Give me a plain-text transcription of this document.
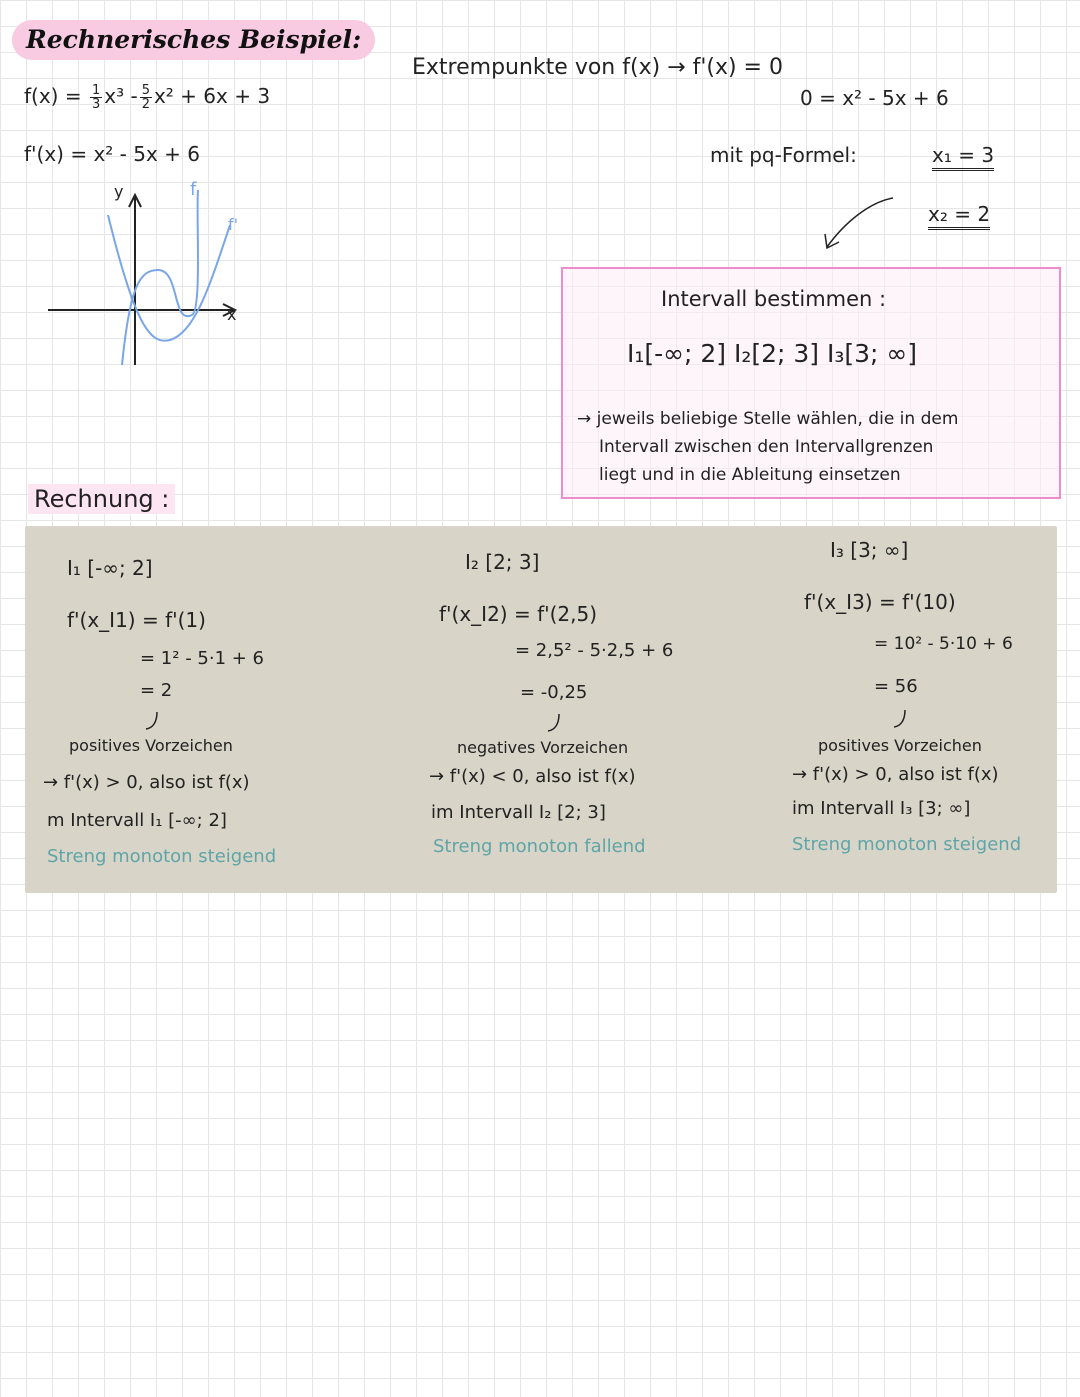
Rechnerisches Beispiel:
$f(x) = \frac{1}{3} x^3 - \frac{5}{2} x^2 + 6x + 3$
f'(x) = x² - 5x + 6
y
x
f
f'
Extrempunkte von f(x) → f'(x) = 0
0 = x² - 5x + 6
mit pq-Formel:	x₁ = 3
x₂ = 2
Intervall bestimmen :
I₁[-∞; 2] I₂[2; 3] I₃[3; ∞]
→ jeweils beliebige Stelle wählen, die in dem
Intervall zwischen den Intervallgrenzen
liegt und in die Ableitung einsetzen
Rechnung :
I₁ [-∞; 2]
f'(x_I1) = f'(1)
= 1² - 5·1 + 6
= 2
positives Vorzeichen
→ f'(x) > 0, also ist f(x)
m Intervall I₁ [-∞; 2]
Streng monoton steigend
I₂ [2; 3]
f'(x_I2) = f'(2,5)
= 2,5² - 5·2,5 + 6
= -0,25
negatives Vorzeichen
→ f'(x) < 0, also ist f(x)
im Intervall I₂ [2; 3]
Streng monoton fallend
I₃ [3; ∞]
f'(x_I3) = f'(10)
= 10² - 5·10 + 6
= 56
positives Vorzeichen
→ f'(x) > 0, also ist f(x)
im Intervall I₃ [3; ∞]
Streng monoton steigend
